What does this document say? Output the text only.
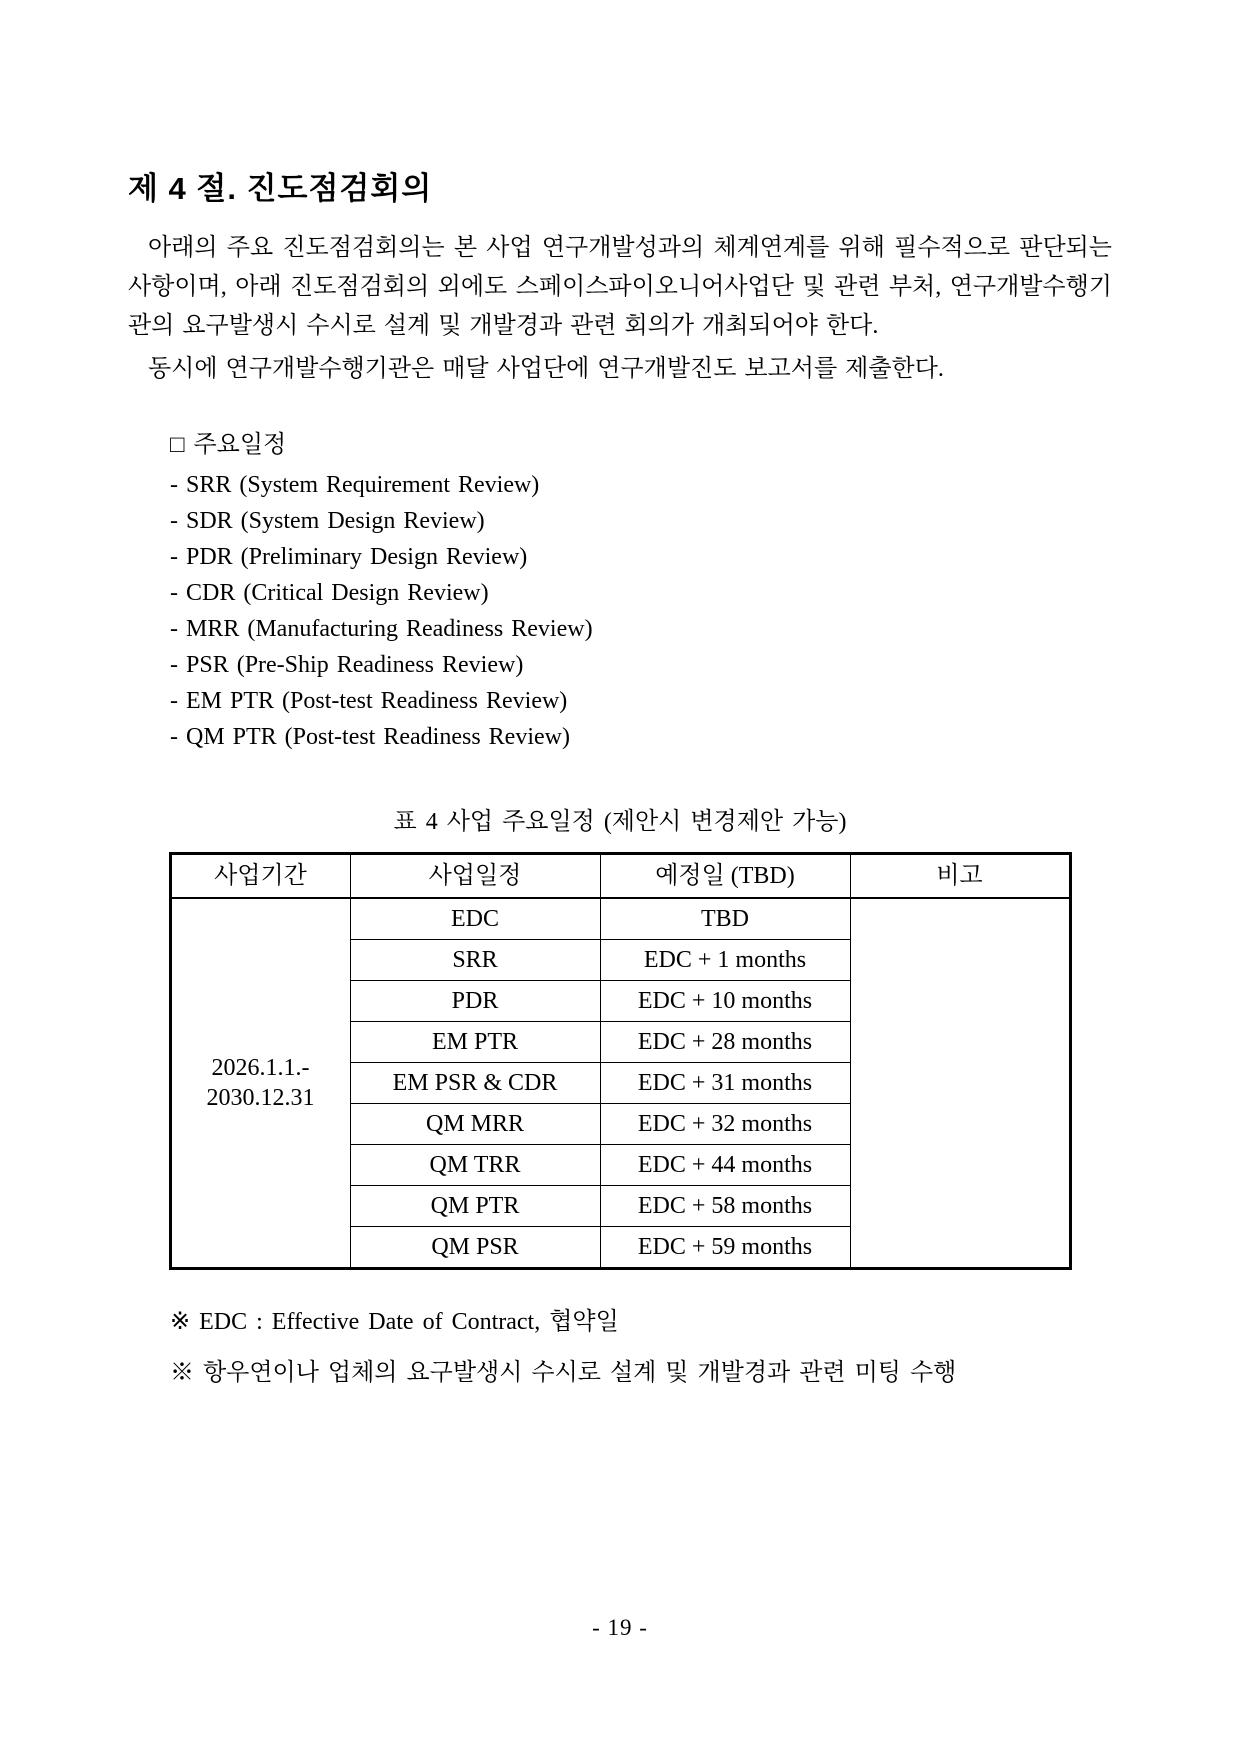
제 4 절. 진도점검회의

아래의 주요 진도점검회의는 본 사업 연구개발성과의 체계연계를 위해 필수적으로 판단되는 사항이며, 아래 진도점검회의 외에도 스페이스파이오니어사업단 및 관련 부처, 연구개발수행기관의 요구발생시 수시로 설계 및 개발경과 관련 회의가 개최되어야 한다.

동시에 연구개발수행기관은 매달 사업단에 연구개발진도 보고서를 제출한다.

□ 주요일정

- SRR (System Requirement Review)

- SDR (System Design Review)

- PDR (Preliminary Design Review)

- CDR (Critical Design Review)

- MRR (Manufacturing Readiness Review)

- PSR (Pre-Ship Readiness Review)

- EM PTR (Post-test Readiness Review)

- QM PTR (Post-test Readiness Review)

표 4 사업 주요일정 (제안시 변경제안 가능)

사업기간	사업일정	예정일 (TBD)	비고
2026.1.1.-
2030.12.31	EDC	TBD	
	SRR	EDC + 1 months	
	PDR	EDC + 10 months	
	EM PTR	EDC + 28 months	
	EM PSR & CDR	EDC + 31 months	
	QM MRR	EDC + 32 months	
	QM TRR	EDC + 44 months	
	QM PTR	EDC + 58 months	
	QM PSR	EDC + 59 months	

※ EDC : Effective Date of Contract, 협약일

※ 항우연이나 업체의 요구발생시 수시로 설계 및 개발경과 관련 미팅 수행

- 19 -
